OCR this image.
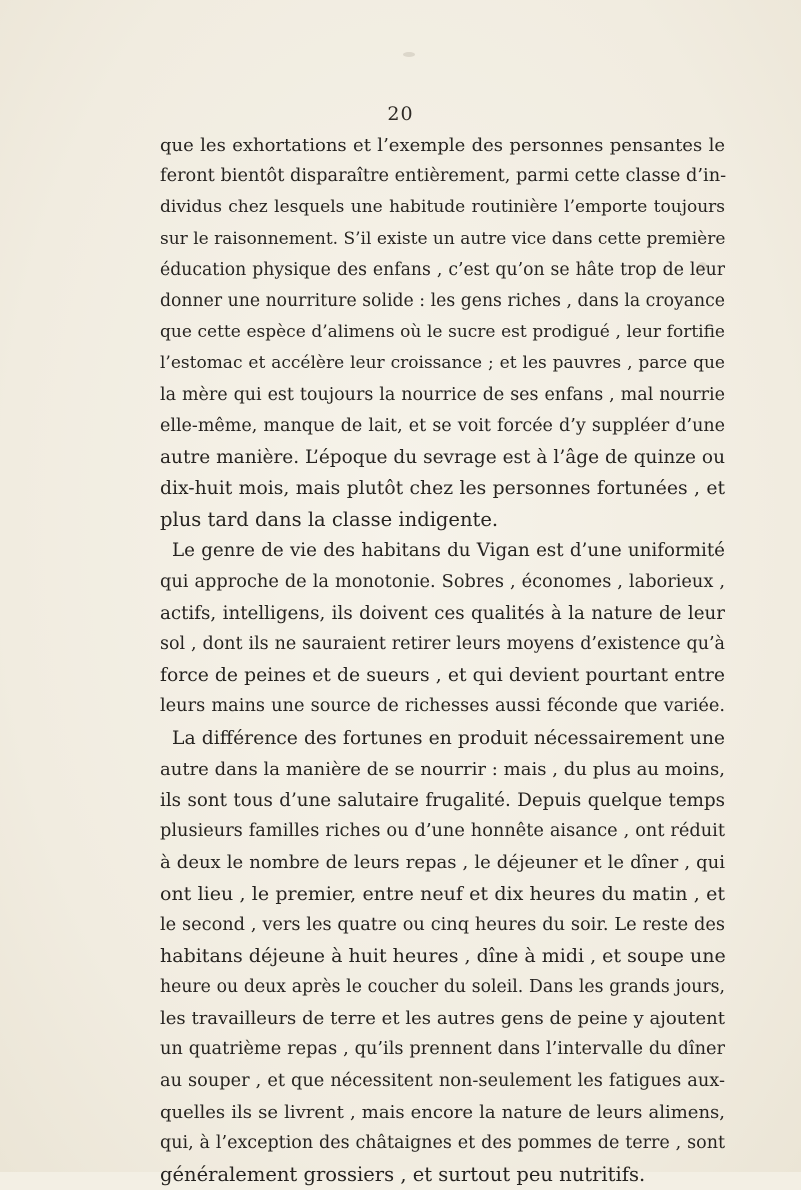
20
que les exhortations et l’exemple des personnes pensantes le
feront bientôt disparaître entièrement, parmi cette classe d’in-
dividus chez lesquels une habitude routinière l’emporte toujours
sur le raisonnement. S’il existe un autre vice dans cette première
éducation physique des enfans , c’est qu’on se hâte trop de leur
donner une nourriture solide : les gens riches , dans la croyance
que cette espèce d’alimens où le sucre est prodigué , leur fortifie
l’estomac et accélère leur croissance ; et les pauvres , parce que
la mère qui est toujours la nourrice de ses enfans , mal nourrie
elle-même, manque de lait, et se voit forcée d’y suppléer d’une
autre manière. L’époque du sevrage est à l’âge de quinze ou
dix-huit mois, mais plutôt chez les personnes fortunées , et
plus tard dans la classe indigente.
Le genre de vie des habitans du Vigan est d’une uniformité
qui approche de la monotonie. Sobres , économes , laborieux ,
actifs, intelligens, ils doivent ces qualités à la nature de leur
sol , dont ils ne sauraient retirer leurs moyens d’existence qu’à
force de peines et de sueurs , et qui devient pourtant entre
leurs mains une source de richesses aussi féconde que variée.
La différence des fortunes en produit nécessairement une
autre dans la manière de se nourrir : mais , du plus au moins,
ils sont tous d’une salutaire frugalité. Depuis quelque temps
plusieurs familles riches ou d’une honnête aisance , ont réduit
à deux le nombre de leurs repas , le déjeuner et le dîner , qui
ont lieu , le premier, entre neuf et dix heures du matin , et
le second , vers les quatre ou cinq heures du soir. Le reste des
habitans déjeune à huit heures , dîne à midi , et soupe une
heure ou deux après le coucher du soleil. Dans les grands jours,
les travailleurs de terre et les autres gens de peine y ajoutent
un quatrième repas , qu’ils prennent dans l’intervalle du dîner
au souper , et que nécessitent non-seulement les fatigues aux-
quelles ils se livrent , mais encore la nature de leurs alimens,
qui, à l’exception des châtaignes et des pommes de terre , sont
généralement grossiers , et surtout peu nutritifs.
